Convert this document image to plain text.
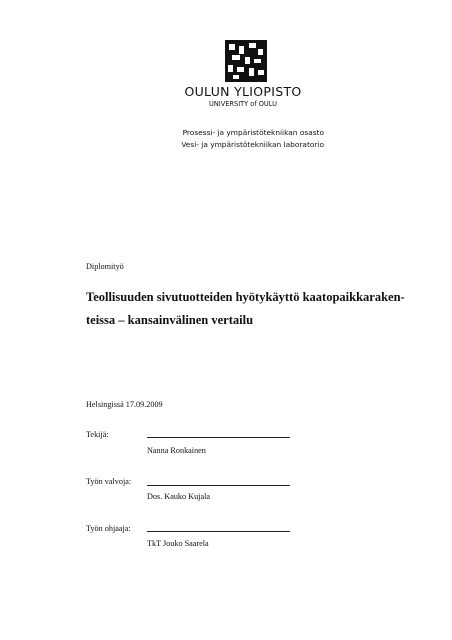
OULUN YLIOPISTO
UNIVERSITY of OULU
Prosessi- ja ympäristötekniikan osasto
Vesi- ja ympäristötekniikan laboratorio
Diplomityö
Teollisuuden sivutuotteiden hyötykäyttö kaatopaikkaraken-
teissa – kansainvälinen vertailu
Helsingissä 17.09.2009
Tekijä:
Nanna Ronkainen
Työn valvoja:
Dos. Kauko Kujala
Työn ohjaaja:
TkT Jouko Saarela
